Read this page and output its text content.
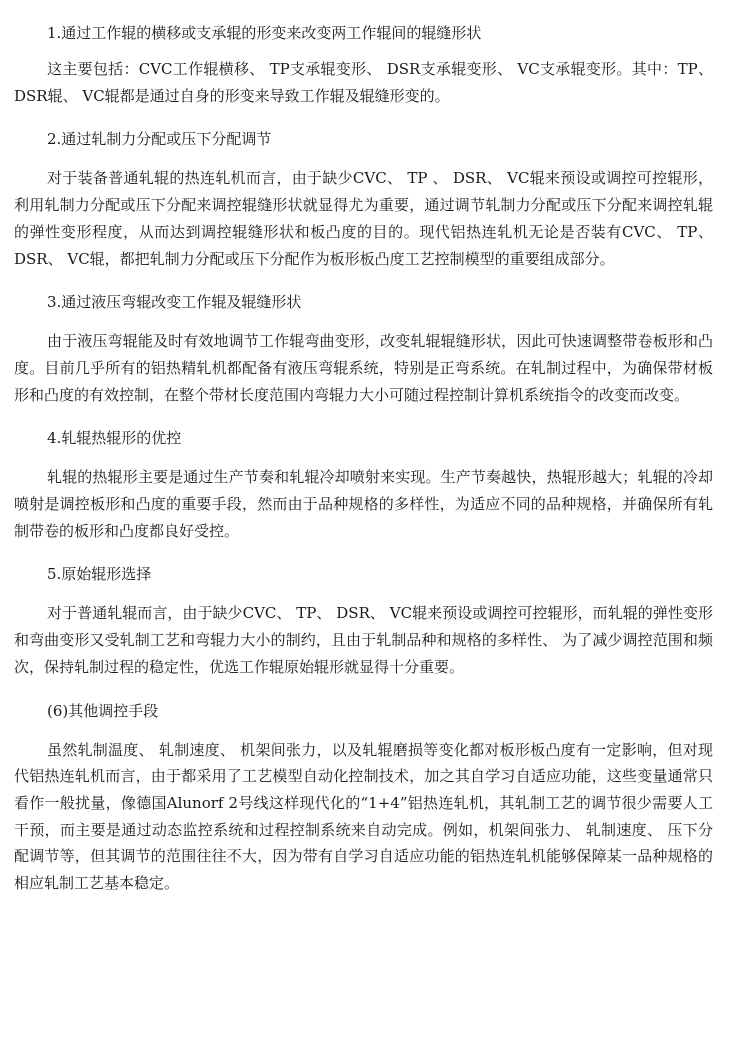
1.通过工作辊的横移或支承辊的形变来改变两工作辊间的辊缝形状

这主要包括：CVC工作辊横移、 TP支承辊变形、 DSR支承辊变形、 VC支承辊变形。其中：TP、DSR辊、 VC辊都是通过自身的形变来导致工作辊及辊缝形变的。

2.通过轧制力分配或压下分配调节

对于装备普通轧辊的热连轧机而言，由于缺少CVC、 TP 、 DSR、 VC辊来预设或调控可控辊形，利用轧制力分配或压下分配来调控辊缝形状就显得尤为重要，通过调节轧制力分配或压下分配来调控轧辊的弹性变形程度，从而达到调控辊缝形状和板凸度的目的。现代铝热连轧机无论是否装有CVC、 TP、 DSR、 VC辊，都把轧制力分配或压下分配作为板形板凸度工艺控制模型的重要组成部分。

3.通过液压弯辊改变工作辊及辊缝形状

由于液压弯辊能及时有效地调节工作辊弯曲变形，改变轧辊辊缝形状，因此可快速调整带卷板形和凸度。目前几乎所有的铝热精轧机都配备有液压弯辊系统，特别是正弯系统。在轧制过程中，为确保带材板形和凸度的有效控制，在整个带材长度范围内弯辊力大小可随过程控制计算机系统指令的改变而改变。

4.轧辊热辊形的优控

轧辊的热辊形主要是通过生产节奏和轧辊冷却喷射来实现。生产节奏越快，热辊形越大；轧辊的冷却喷射是调控板形和凸度的重要手段，然而由于品种规格的多样性，为适应不同的品种规格，并确保所有轧制带卷的板形和凸度都良好受控。

5.原始辊形选择

对于普通轧辊而言，由于缺少CVC、 TP、 DSR、 VC辊来预设或调控可控辊形，而轧辊的弹性变形和弯曲变形又受轧制工艺和弯辊力大小的制约，且由于轧制品种和规格的多样性、 为了减少调控范围和频次，保持轧制过程的稳定性，优选工作辊原始辊形就显得十分重要。

(6)其他调控手段

虽然轧制温度、 轧制速度、 机架间张力，以及轧辊磨损等变化都对板形板凸度有一定影响，但对现代铝热连轧机而言，由于都采用了工艺模型自动化控制技术，加之其自学习自适应功能，这些变量通常只看作一般扰量，像德国Alunorf 2号线这样现代化的“1+4”铝热连轧机，其轧制工艺的调节很少需要人工干预，而主要是通过动态监控系统和过程控制系统来自动完成。例如，机架间张力、 轧制速度、 压下分配调节等，但其调节的范围往往不大，因为带有自学习自适应功能的铝热连轧机能够保障某一品种规格的相应轧制工艺基本稳定。
